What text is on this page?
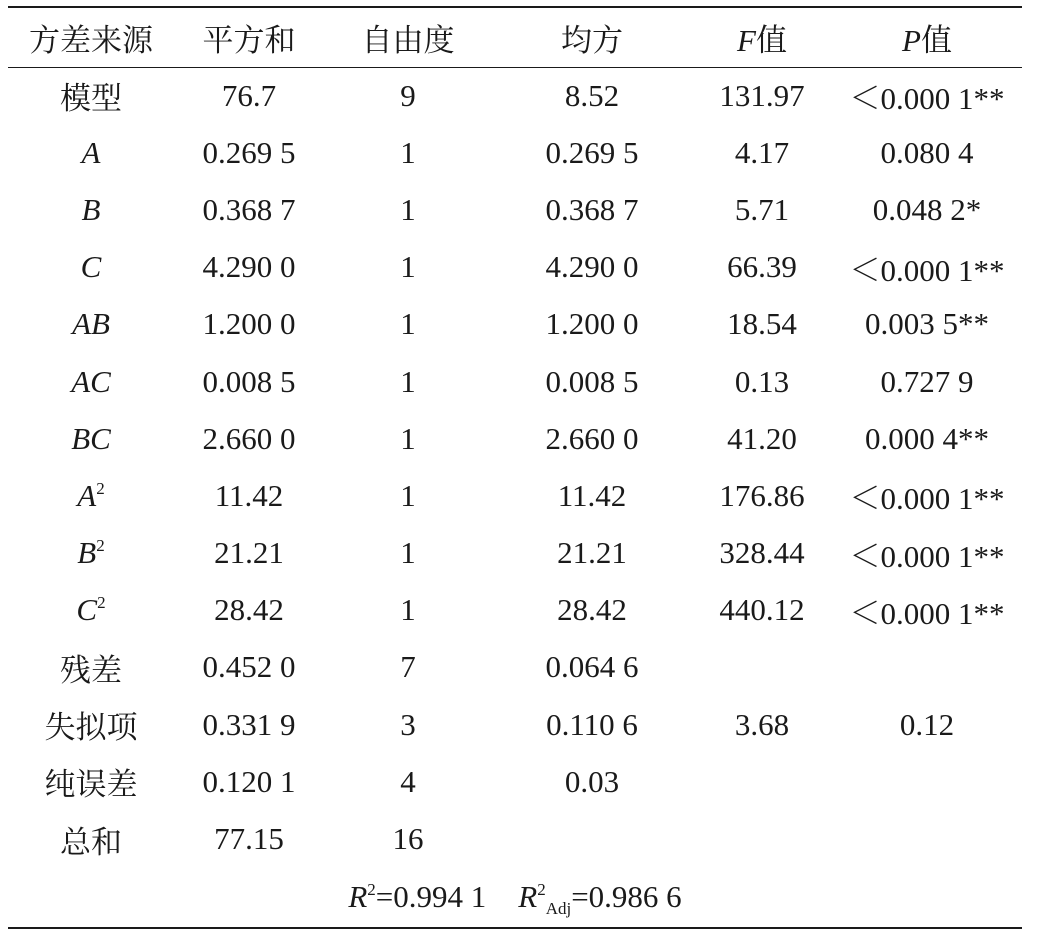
方差来源	平方和	自由度	均方	F值	P值
模型	76.7	9	8.52	131.97	＜0.000 1**
A	0.269 5	1	0.269 5	4.17	0.080 4
B	0.368 7	1	0.368 7	5.71	0.048 2*
C	4.290 0	1	4.290 0	66.39	＜0.000 1**
AB	1.200 0	1	1.200 0	18.54	0.003 5**
AC	0.008 5	1	0.008 5	0.13	0.727 9
BC	2.660 0	1	2.660 0	41.20	0.000 4**
$A^2$	11.42	1	11.42	176.86	＜0.000 1**
$B^2$	21.21	1	21.21	328.44	＜0.000 1**
$C^2$	28.42	1	28.42	440.12	＜0.000 1**
残差	0.452 0	7	0.064 6		
失拟项	0.331 9	3	0.110 6	3.68	0.12
纯误差	0.120 1	4	0.03		
总和	77.15	16			
$R^2=0.994$ 1 $R^2_{Adj}=0.986$ 6					
